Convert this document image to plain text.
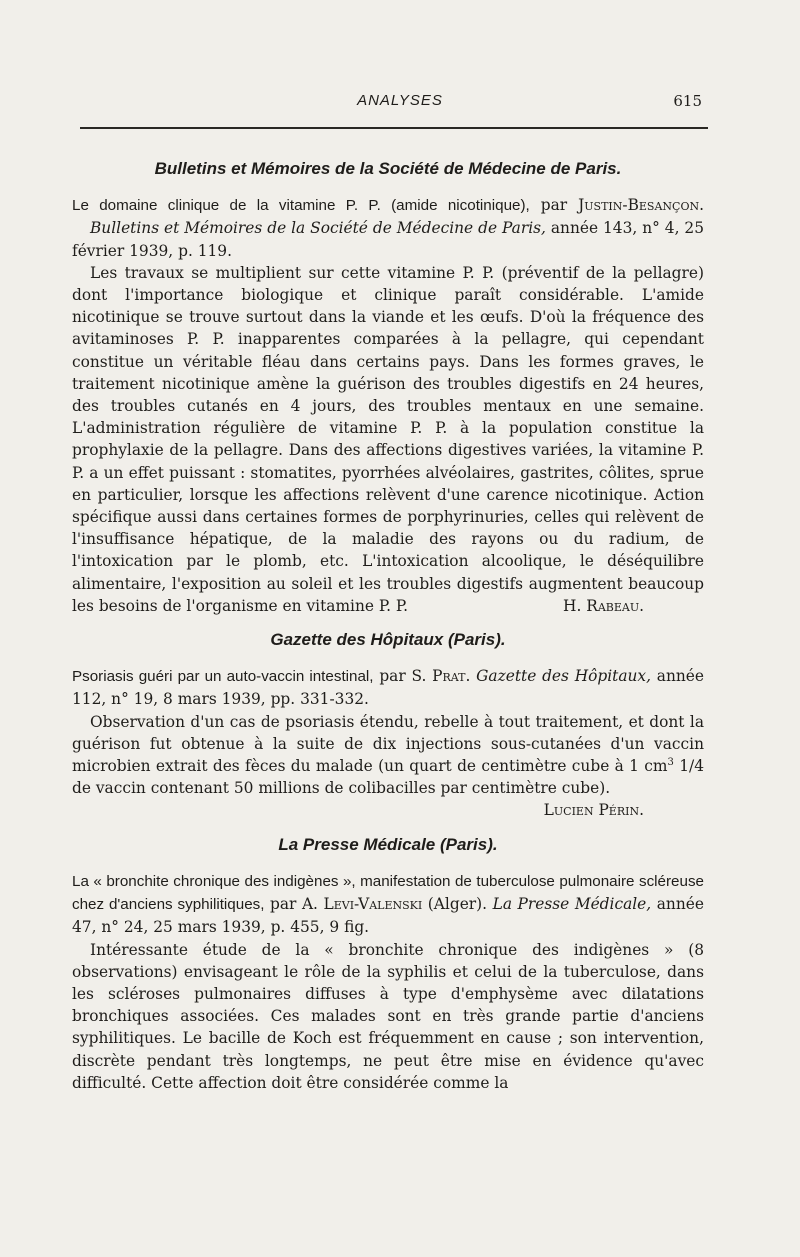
ANALYSES	615
Bulletins et Mémoires de la Société de Médecine de Paris.

Le domaine clinique de la vitamine P. P. (amide nicotinique), par Justin-Besançon. Bulletins et Mémoires de la Société de Médecine de Paris, année 143, n° 4, 25 février 1939, p. 119.

Les travaux se multiplient sur cette vitamine P. P. (préventif de la pellagre) dont l'importance biologique et clinique paraît considérable. L'amide nicotinique se trouve surtout dans la viande et les œufs. D'où la fréquence des avitaminoses P. P. inapparentes comparées à la pellagre, qui cependant constitue un véritable fléau dans certains pays. Dans les formes graves, le traitement nicotinique amène la guérison des troubles digestifs en 24 heures, des troubles cutanés en 4 jours, des troubles mentaux en une semaine. L'administration régulière de vitamine P. P. à la population constitue la prophylaxie de la pellagre. Dans des affections digestives variées, la vitamine P. P. a un effet puissant : stomatites, pyorrhées alvéolaires, gastrites, côlites, sprue en particulier, lorsque les affections relèvent d'une carence nicotinique. Action spécifique aussi dans certaines formes de porphyrinuries, celles qui relèvent de l'insuffisance hépatique, de la maladie des rayons ou du radium, de l'intoxication par le plomb, etc. L'intoxication alcoolique, le déséquilibre alimentaire, l'exposition au soleil et les troubles digestifs augmentent beaucoup les besoins de l'organisme en vitamine P. P.	H. Rabeau.

Gazette des Hôpitaux (Paris).

Psoriasis guéri par un auto-vaccin intestinal, par S. Prat. Gazette des Hôpitaux, année 112, n° 19, 8 mars 1939, pp. 331-332.

Observation d'un cas de psoriasis étendu, rebelle à tout traitement, et dont la guérison fut obtenue à la suite de dix injections sous-cutanées d'un vaccin microbien extrait des fèces du malade (un quart de centimètre cube à 1 $cm^3$ 1/4 de vaccin contenant 50 millions de colibacilles par centimètre cube).
Lucien Périn.

La Presse Médicale (Paris).

La « bronchite chronique des indigènes », manifestation de tuberculose pulmonaire scléreuse chez d'anciens syphilitiques, par A. Levi-Valenski (Alger). La Presse Médicale, année 47, n° 24, 25 mars 1939, p. 455, 9 fig.

Intéressante étude de la « bronchite chronique des indigènes » (8 observations) envisageant le rôle de la syphilis et celui de la tuberculose, dans les scléroses pulmonaires diffuses à type d'emphysème avec dilatations bronchiques associées. Ces malades sont en très grande partie d'anciens syphilitiques. Le bacille de Koch est fréquemment en cause ; son intervention, discrète pendant très longtemps, ne peut être mise en évidence qu'avec difficulté. Cette affection doit être considérée comme la
